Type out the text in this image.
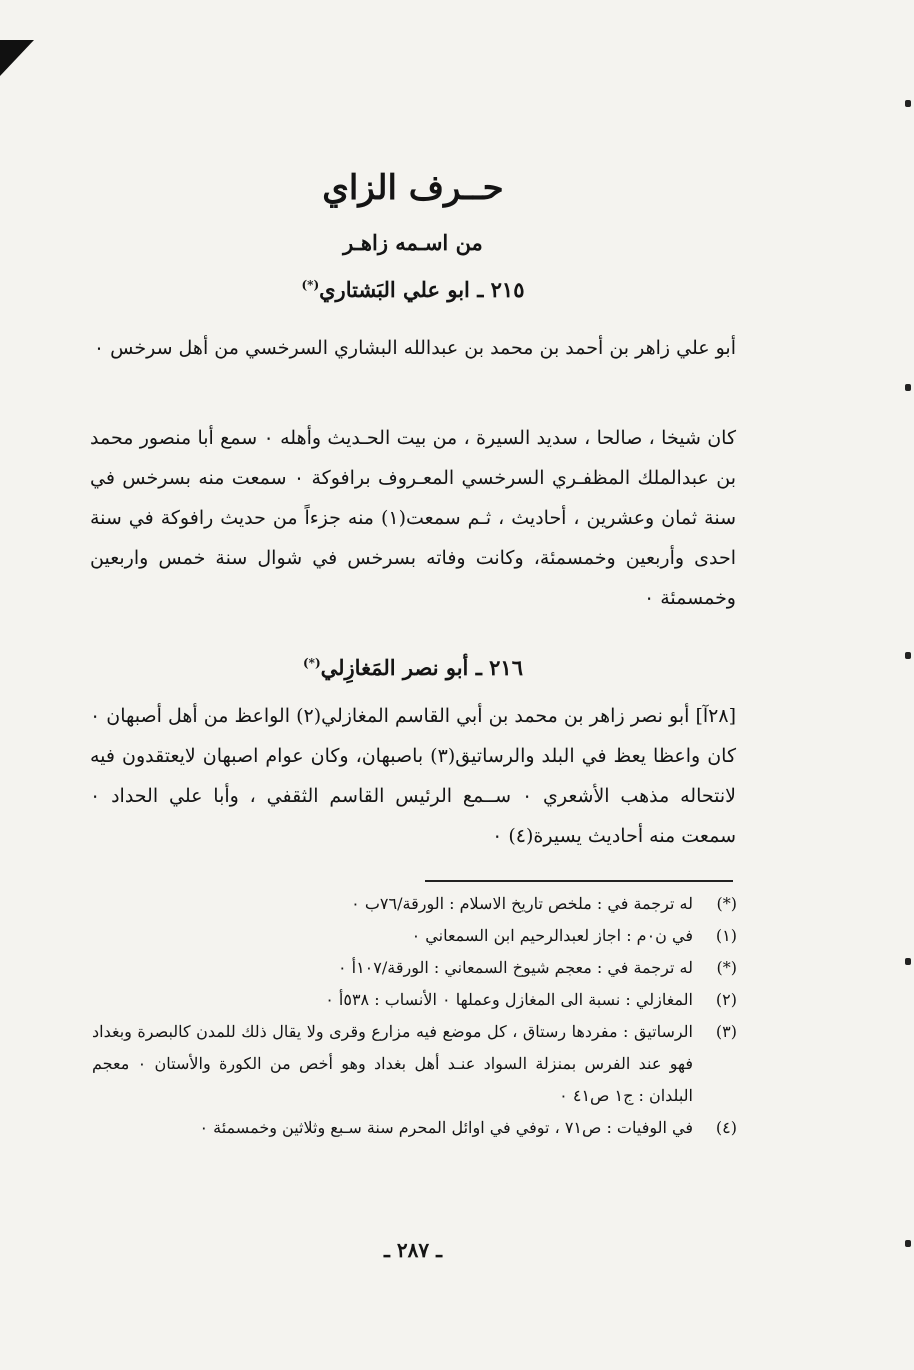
حــرف الزاي
من اسـمه زاهـر
٢١٥ ـ ابو علي البَشتاري(*)

أبو علي زاهر بن أحمد بن محمد بن عبدالله البشاري السرخسي من أهل سرخس ٠

كان شيخا ، صالحا ، سديد السيرة ، من بيت الحـديث وأهله ٠ سمع أبا منصور محمد بن عبدالملك المظفـري السرخسي المعـروف برافوكة ٠ سمعت منه بسرخس في سنة ثمان وعشرين ، أحاديث ، ثـم سمعت(١) منه جزءاً من حديث رافوكة في سنة احدى وأربعين وخمسمئة، وكانت وفاته بسرخس في شوال سنة خمس واربعين وخمسمئة ٠

٢١٦ ـ أبو نصر المَغازِلي(*)

[٢٨آ] أبو نصر زاهر بن محمد بن أبي القاسم المغازلي(٢) الواعظ من أهل أصبهان ٠ كان واعظا يعظ في البلد والرساتيق(٣) باصبهان، وكان عوام اصبهان لايعتقدون فيه لانتحاله مذهب الأشعري ٠ ســمع الرئيس القاسم الثقفي ، وأبا علي الحداد ٠ سمعت منه أحاديث يسيرة(٤) ٠

ـ ٢٨٧ ـ
(*)
له ترجمة في : ملخص تاريخ الاسلام : الورقة/٧٦ب ٠
(١)
في ن٠م : اجاز لعبدالرحيم ابن السمعاني ٠
(*)
له ترجمة في : معجم شيوخ السمعاني : الورقة/١٠٧أ ٠
(٢)
المغازلي : نسبة الى المغازل وعملها ٠ الأنساب : ٥٣٨أ ٠
(٣)
الرساتيق : مفردها رستاق ، كل موضع فيه مزارع وقرى ولا يقال ذلك للمدن كالبصرة وبغداد فهو عند الفرس بمنزلة السواد عنـد أهل بغداد وهو أخص من الكورة والأستان ٠ معجم البلدان : ج١ ص٤١ ٠
(٤)
في الوفيات : ص٧١ ، توفي في اوائل المحرم سنة سـبع وثلاثين وخمسمئة ٠
